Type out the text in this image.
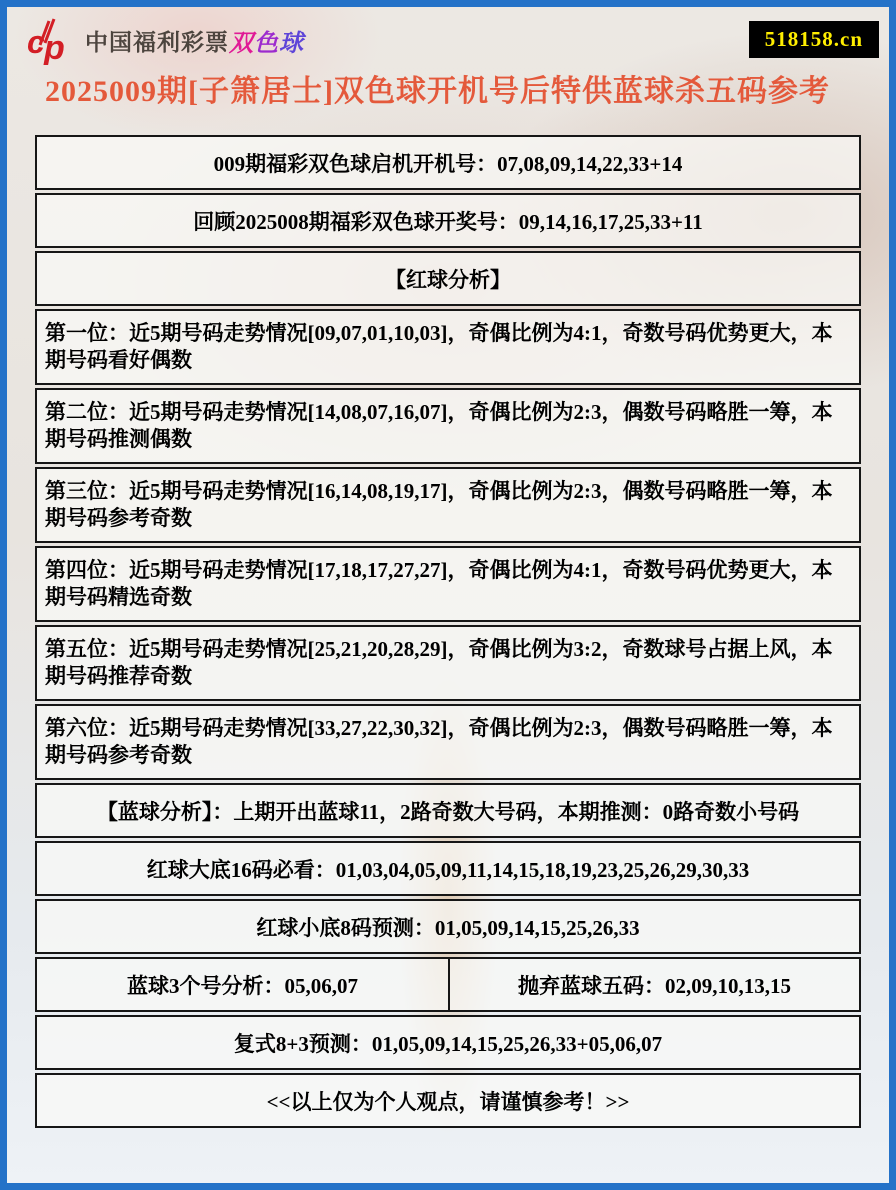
c p 中国福利彩票 双色球	518158.cn
2025009期[子箫居士]双色球开机号后特供蓝球杀五码参考
009期福彩双色球启机开机号：07,08,09,14,22,33+14
回顾2025008期福彩双色球开奖号：09,14,16,17,25,33+11
【红球分析】
第一位：近5期号码走势情况[09,07,01,10,03]，奇偶比例为4:1，奇数号码优势更大，本期号码看好偶数
第二位：近5期号码走势情况[14,08,07,16,07]，奇偶比例为2:3，偶数号码略胜一筹，本期号码推测偶数
第三位：近5期号码走势情况[16,14,08,19,17]，奇偶比例为2:3，偶数号码略胜一筹，本期号码参考奇数
第四位：近5期号码走势情况[17,18,17,27,27]，奇偶比例为4:1，奇数号码优势更大，本期号码精选奇数
第五位：近5期号码走势情况[25,21,20,28,29]，奇偶比例为3:2，奇数球号占据上风，本期号码推荐奇数
第六位：近5期号码走势情况[33,27,22,30,32]，奇偶比例为2:3，偶数号码略胜一筹，本期号码参考奇数
【蓝球分析】：上期开出蓝球11，2路奇数大号码，本期推测：0路奇数小号码
红球大底16码必看：01,03,04,05,09,11,14,15,18,19,23,25,26,29,30,33
红球小底8码预测：01,05,09,14,15,25,26,33
蓝球3个号分析：05,06,07	抛弃蓝球五码：02,09,10,13,15
复式8+3预测：01,05,09,14,15,25,26,33+05,06,07
<<以上仅为个人观点，请谨慎参考！>>
